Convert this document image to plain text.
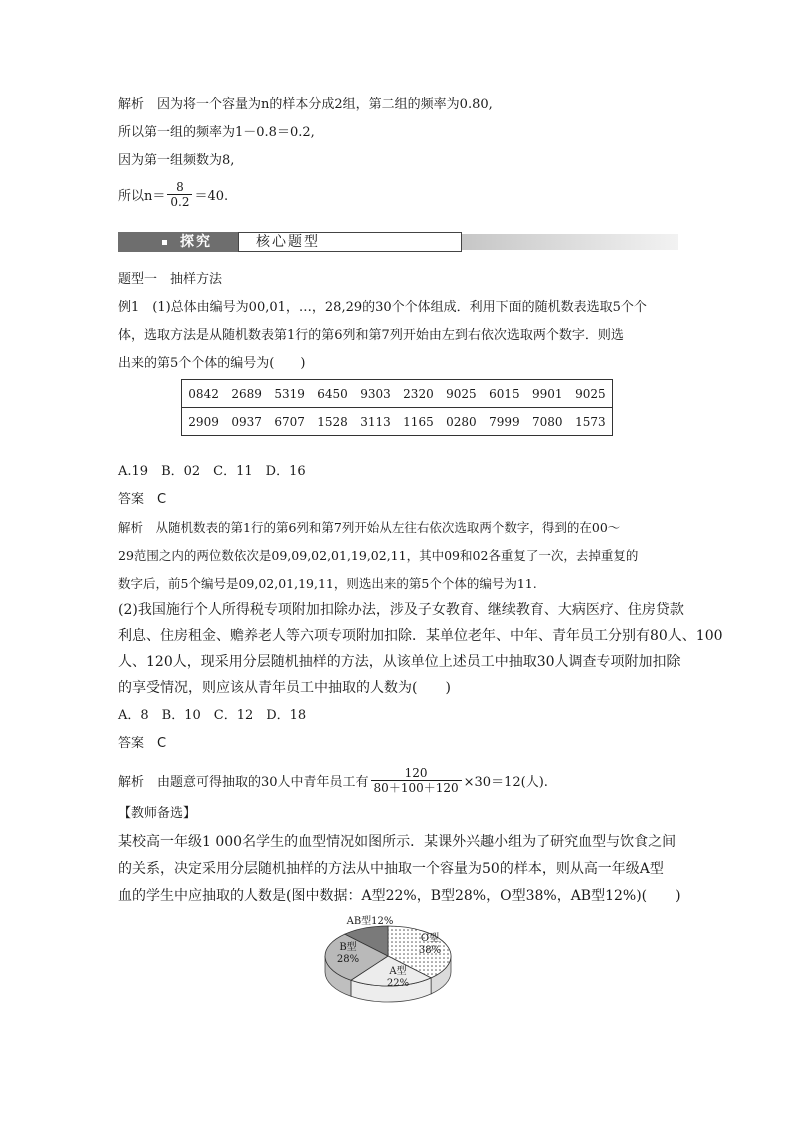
解析　 因为将一个容量为n的样本分成2组，第二组的频率为0.80,
所以第一组的频率为1－0.8＝0.2,
因为第一组频数为8,
所以$n= \frac{8}{0.2} =40$.
探究	核心题型
题型一　抽样方法
例1　(1)总体由编号为00,01，…，28,29的30个个体组成．利用下面的随机数表选取5个个
体，选取方法是从随机数表第1行的第6列和第7列开始由左到右依次选取两个数字．则选
出来的第5个个体的编号为(　　)
0842	2689	5319	6450	9303	2320	9025	6015	9901	9025
2909	0937	6707	1528	3113	1165	0280	7999	7080	1573
A.19　B．02　C．11　D．16
答案　C
解析　从随机数表的第1行的第6列和第7列开始从左往右依次选取两个数字，得到的在00～
29范围之内的两位数依次是09,09,02,01,19,02,11，其中09和02各重复了一次，去掉重复的
数字后，前5个编号是09,02,01,19,11，则选出来的第5个个体的编号为11.
(2)我国施行个人所得税专项附加扣除办法，涉及子女教育、继续教育、大病医疗、住房贷款
利息、住房租金、赡养老人等六项专项附加扣除．某单位老年、中年、青年员工分别有80人、100
人、120人，现采用分层随机抽样的方法，从该单位上述员工中抽取30人调查专项附加扣除
的享受情况，则应该从青年员工中抽取的人数为(　　)
A．8　B．10　C．12　D．18
答案　C
解析　由题意可得抽取的30人中青年员工有 $\frac{120}{80+100+120} \times 30=12$(人).
【教师备选】
某校高一年级1 000名学生的血型情况如图所示．某课外兴趣小组为了研究血型与饮食之间
的关系，决定采用分层随机抽样的方法从中抽取一个容量为50的样本，则从高一年级A型
血的学生中应抽取的人数是(图中数据：A型22%，B型28%，O型38%，AB型12%)(　　)
O型
38%
A型
22%
B型
28%
AB型12%
